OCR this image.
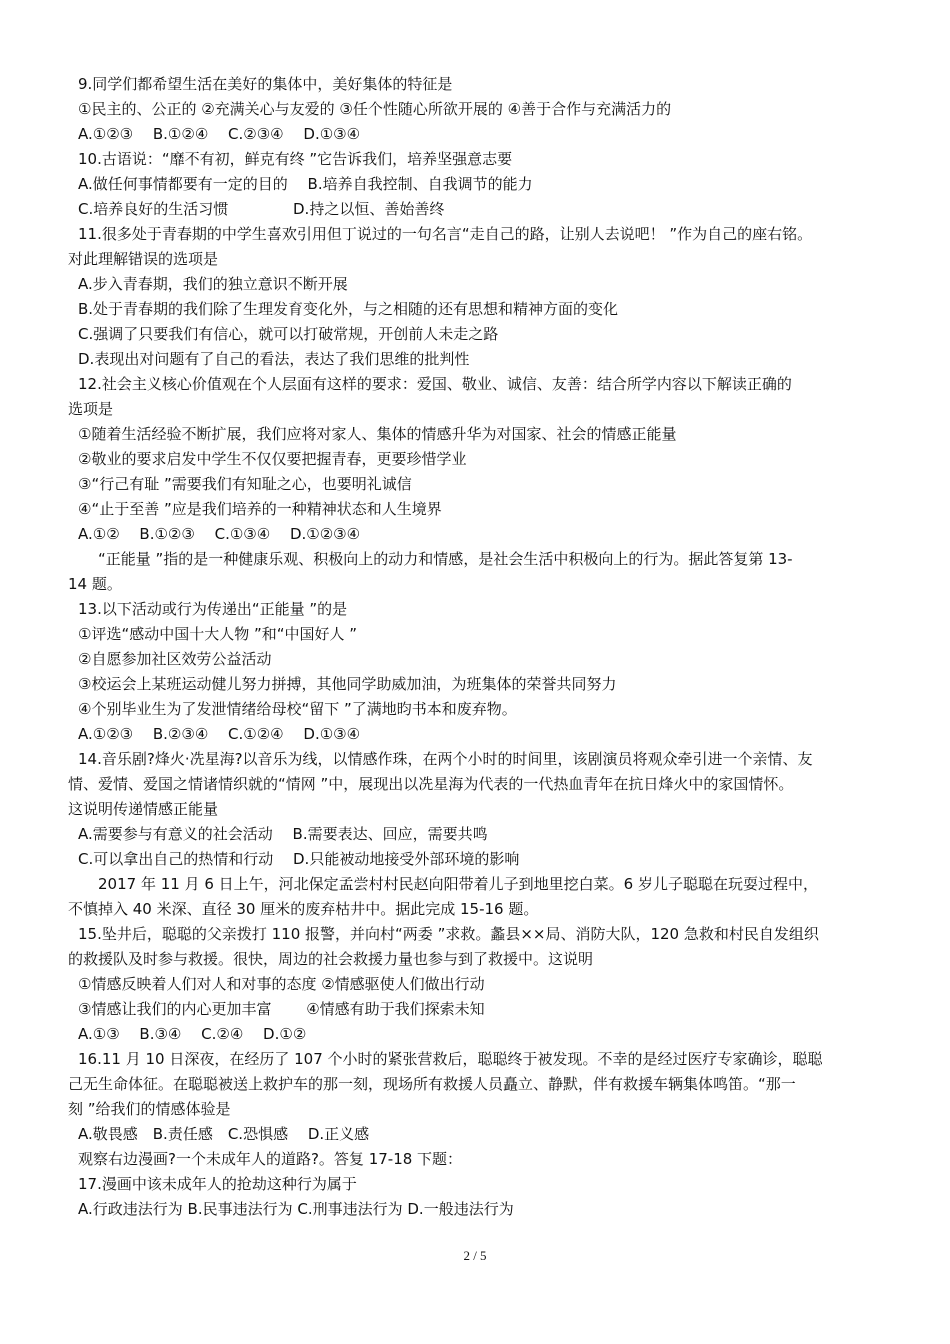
9.同学们都希望生活在美好的集体中，美好集体的特征是

①民主的、公正的 ②充满关心与友爱的 ③任个性随心所欲开展的 ④善于合作与充满活力的

A.①②③　 B.①②④　 C.②③④　 D.①③④

10.古语说：“靡不有初，鲜克有终 ”它告诉我们，培养坚强意志要

A.做任何事情都要有一定的目的　 B.培养自我控制、自我调节的能力

C.培养良好的生活习惯　　　　 D.持之以恒、善始善终

11.很多处于青春期的中学生喜欢引用但丁说过的一句名言“走自己的路，让别人去说吧！ ”作为自己的座右铭。

对此理解错误的选项是

A.步入青春期，我们的独立意识不断开展

B.处于青春期的我们除了生理发育变化外，与之相随的还有思想和精神方面的变化

C.强调了只要我们有信心，就可以打破常规，开创前人未走之路

D.表现出对问题有了自己的看法，表达了我们思维的批判性

12.社会主义核心价值观在个人层面有这样的要求：爱国、敬业、诚信、友善：结合所学内容以下解读正确的

选项是

①随着生活经验不断扩展，我们应将对家人、集体的情感升华为对国家、社会的情感正能量

②敬业的要求启发中学生不仅仅要把握青春，更要珍惜学业

③“行己有耻 ”需要我们有知耻之心，也要明礼诚信

④“止于至善 ”应是我们培养的一种精神状态和人生境界

A.①②　 B.①②③　 C.①③④　 D.①②③④

“正能量 ”指的是一种健康乐观、积极向上的动力和情感，是社会生活中积极向上的行为。据此答复第 13-

14 题。

13.以下活动或行为传递出“正能量 ”的是

①评选“感动中国十大人物 ”和“中国好人 ”

②自愿参加社区效劳公益活动

③校运会上某班运动健儿努力拼搏，其他同学助威加油，为班集体的荣誉共同努力

④个别毕业生为了发泄情绪给母校“留下 ”了满地昀书本和废弃物。

A.①②③　 B.②③④　 C.①②④　 D.①③④

14.音乐剧?烽火·冼星海?以音乐为线，以情感作珠，在两个小时的时间里，该剧演员将观众牵引进一个亲情、友

情、爱情、爱国之情诸情织就的“情网 ”中，展现出以冼星海为代表的一代热血青年在抗日烽火中的家国情怀。

这说明传递情感正能量

A.需要参与有意义的社会活动　 B.需要表达、回应，需要共鸣

C.可以拿出自己的热情和行动　 D.只能被动地接受外部环境的影响

2017 年 11 月 6 日上午，河北保定孟尝村村民赵向阳带着儿子到地里挖白菜。6 岁儿子聪聪在玩耍过程中，

不慎掉入 40 米深、直径 30 厘米的废弃枯井中。据此完成 15-16 题。

15.坠井后，聪聪的父亲拨打 110 报警，并向村“两委 ”求救。蠡县××局、消防大队，120 急救和村民自发组织

的救援队及时参与救援。很快，周边的社会救援力量也参与到了救援中。这说明

①情感反映着人们对人和对事的态度 ②情感驱使人们做出行动

③情感让我们的内心更加丰富　　 ④情感有助于我们探索未知

A.①③　 B.③④　 C.②④　 D.①②

16.11 月 10 日深夜，在经历了 107 个小时的紧张营救后，聪聪终于被发现。不幸的是经过医疗专家确诊，聪聪

己无生命体征。在聪聪被送上救护车的那一刻，现场所有救援人员矗立、静默，伴有救援车辆集体鸣笛。“那一

刻 ”给我们的情感体验是

A.敬畏感　B.责任感　C.恐惧感　 D.正义感

观察右边漫画?一个未成年人的道路?。答复 17-18 下题：

17.漫画中该未成年人的抢劫这种行为属于

A.行政违法行为 B.民事违法行为 C.刑事违法行为 D.一般违法行为

2 / 5
